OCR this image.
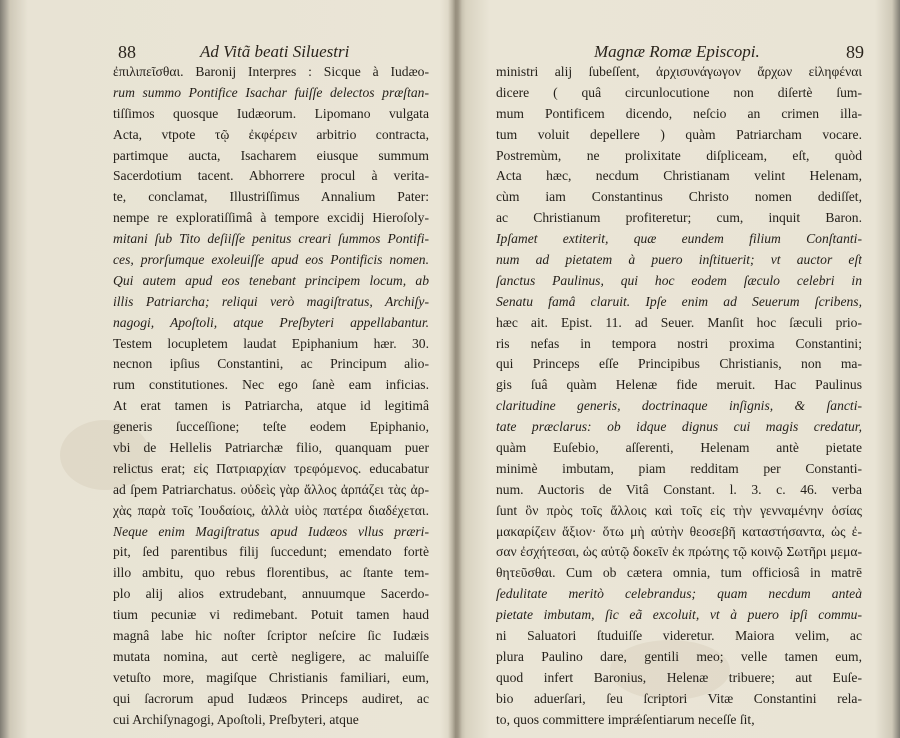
88	Ad Vitã beati Siluestri
ἐπιλιπεῖσθαι. Baronij Interpres : Sicque à Iudæo-
rum summo Pontifice Isachar fuiſſe delectos præſtan-
tiſſimos quosque Iudæorum. Lipomano vulgata
Acta, vtpote τῷ ἐκφέρειν arbitrio contracta,
partimque aucta, Isacharem eiusque summum
Sacerdotium tacent. Abhorrere procul à verita-
te, conclamat, Illustriſſimus Annalium Pater:
nempe re exploratiſſimâ à tempore excidij Hieroſoly-
mitani ſub Tito deſiiſſe penitus creari ſummos Pontifi-
ces, prorſumque exoleuiſſe apud eos Pontificis nomen.
Qui autem apud eos tenebant principem locum, ab
illis Patriarcha; reliqui verò magiſtratus, Archiſy-
nagogi, Apoſtoli, atque Preſbyteri appellabantur.
Testem locupletem laudat Epiphanium hær. 30.
necnon ipſius Constantini, ac Principum alio-
rum constitutiones. Nec ego ſanè eam inficias.
At erat tamen is Patriarcha, atque id legitimâ
generis ſucceſſione; teſte eodem Epiphanio,
vbi de Hellelis Patriarchæ filio, quanquam puer
relictus erat; εἰς Πατριαρχίαν τρεφόμενος. educabatur
ad ſpem Patriarchatus. οὐδεὶς γὰρ ἄλλος ἀρπάζει τὰς ἀρ-
χὰς παρὰ τοῖς Ἰουδαίοις, ἀλλὰ υἱὸς πατέρα διαδέχεται.
Neque enim Magiſtratus apud Iudæos vllus præri-
pit, ſed parentibus filij ſuccedunt; emendato fortè
illo ambitu, quo rebus florentibus, ac ſtante tem-
plo alij alios extrudebant, annuumque Sacerdo-
tium pecuniæ vi redimebant. Potuit tamen haud
magnâ labe hic noſter ſcriptor neſcire ſic Iudæis
mutata nomina, aut certè negligere, ac maluiſſe
vetuſto more, magiſque Christianis familiari, eum,
qui ſacrorum apud Iudæos Princeps audiret, ac
cui Archiſynagogi, Apoſtoli, Preſbyteri, atque
Magnæ Romæ Episcopi.	89
ministri alij ſubeſſent, ἀρχισυνάγωγον ἄρχων εἰληφέναι
dicere ( quâ circunlocutione non diſertè ſum-
mum Pontificem dicendo, neſcio an crimen illa-
tum voluit depellere ) quàm Patriarcham vocare.
Postremùm, ne prolixitate diſpliceam, eſt, quòd
Acta hæc, necdum Christianam velint Helenam,
cùm iam Constantinus Christo nomen dediſſet,
ac Christianum profiteretur; cum, inquit Baron.
Ipſamet extiterit, quæ eundem filium Conſtanti-
num ad pietatem à puero inſtituerit; vt auctor eſt
ſanctus Paulinus, qui hoc eodem ſæculo celebri in
Senatu famâ claruit. Ipſe enim ad Seuerum ſcribens,
hæc ait. Epist. 11. ad Seuer. Manſit hoc ſæculi prio-
ris nefas in tempora nostri proxima Constantini;
qui Princeps eſſe Principibus Christianis, non ma-
gis ſuâ quàm Helenæ fide meruit. Hac Paulinus
claritudine generis, doctrinaque inſignis, & ſancti-
tate præclarus: ob idque dignus cui magis credatur,
quàm Euſebio, aſſerenti, Helenam antè pietate
minimè imbutam, piam redditam per Constanti-
num. Auctoris de Vitâ Constant. l. 3. c. 46. verba
ſunt ὃν πρὸς τοῖς ἄλλοις καὶ τοῖς εἰς τὴν γενναμένην ὁσίας
μακαρίζειν ἄξιον· ὅτω μὴ αὐτὴν θεοσεβῆ καταστήσαντα, ὡς ἐ-
σαν ἐσχήτεσαι, ὡς αὐτῷ δοκεῖν ἐκ πρώτης τῷ κοινῷ Σωτῆρι μεμα-
θητεῦσθαι. Cum ob cætera omnia, tum officiosâ in matrē
ſedulitate meritò celebrandus; quam necdum anteà
pietate imbutam, ſic eã excoluit, vt à puero ipſi commu-
ni Saluatori ſtuduiſſe videretur. Maiora velim, ac
plura Paulino dare, gentili meo; velle tamen eum,
quod infert Baronius, Helenæ tribuere; aut Euſe-
bio aduerſari, ſeu ſcriptori Vitæ Constantini rela-
to, quos committere imprǽſentiarum neceſſe ſit,
